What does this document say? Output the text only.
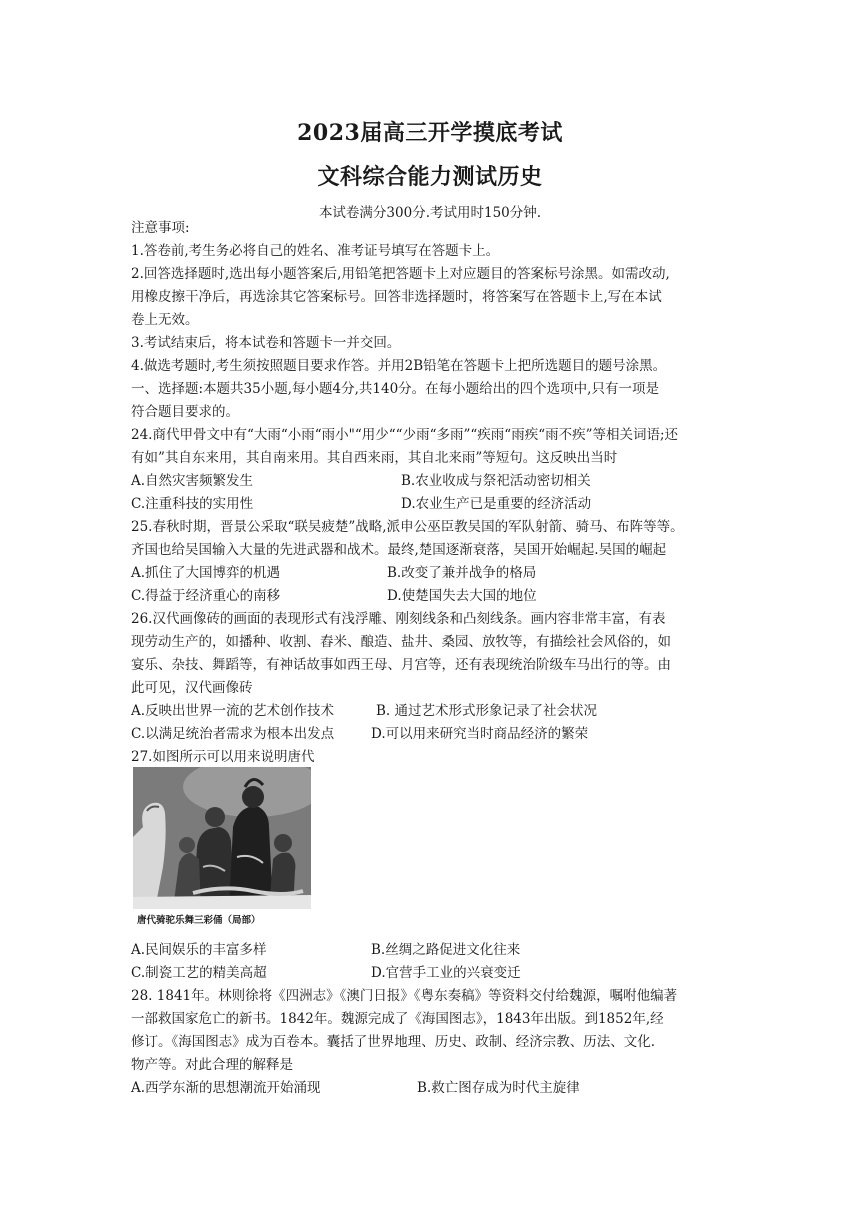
2023届高三开学摸底考试
文科综合能力测试历史
本试卷满分300分.考试用时150分钟.
注意事项:
1.答卷前,考生务必将自己的姓名、准考证号填写在答题卡上。
2.回答选择题时,选出每小题答案后,用铅笔把答题卡上对应题目的答案标号涂黑。如需改动,
用橡皮擦干净后，再选涂其它答案标号。回答非选择题时，将答案写在答题卡上,写在本试
卷上无效。
3.考试结束后，将本试卷和答题卡一并交回。
4.做选考题时,考生须按照题目要求作答。并用2B铅笔在答题卡上把所选题目的题号涂黑。
一、选择题:本题共35小题,每小题4分,共140分。在每小题给出的四个选项中,只有一项是
符合题目要求的。
24.商代甲骨文中有“大雨“小雨“雨小"“用少““少雨“多雨”“疾雨“雨疾“雨不疾”等相关词语;还
有如”其自东来用，其自南来用。其自西来雨，其自北来雨”等短句。这反映出当时
A.自然灾害频繁发生	B.农业收成与祭祀活动密切相关
C.注重科技的实用性	D.农业生产已是重要的经济活动
25.春秋时期，晋景公采取“联吴疲楚”战略,派申公巫臣教吴国的军队射箭、骑马、布阵等等。
齐国也给吴国输入大量的先进武器和战术。最终,楚国逐渐衰落，吴国开始崛起.吴国的崛起
A.抓住了大国博弈的机遇	B.改变了兼并战争的格局
C.得益于经济重心的南移	D.使楚国失去大国的地位
26.汉代画像砖的画面的表现形式有浅浮雕、刚刻线条和凸刻线条。画内容非常丰富，有表
现劳动生产的，如播种、收割、舂米、酿造、盐井、桑园、放牧等，有描绘社会风俗的，如
宴乐、杂技、舞蹈等，有神话故事如西王母、月宫等，还有表现统治阶级车马出行的等。由
此可见，汉代画像砖
A.反映出世界一流的艺术创作技术	B. 通过艺术形式形象记录了社会状况
C.以满足统治者需求为根本出发点	D.可以用来研究当时商品经济的繁荣
27.如图所示可以用来说明唐代
唐代骑驼乐舞三彩俑（局部）
A.民间娱乐的丰富多样	B.丝绸之路促进文化往来
C.制瓷工艺的精美高超	D.官营手工业的兴衰变迁
28. 1841年。林则徐将《四洲志》《澳门日报》《粤东奏稿》等资料交付给魏源，嘱咐他编著
一部救国家危亡的新书。1842年。魏源完成了《海国图志》，1843年出版。到1852年,经
修订。《海国图志》成为百卷本。囊括了世界地理、历史、政制、经济宗教、历法、文化.
物产等。对此合理的解释是
A.西学东渐的思想潮流开始涌现	B.救亡图存成为时代主旋律
